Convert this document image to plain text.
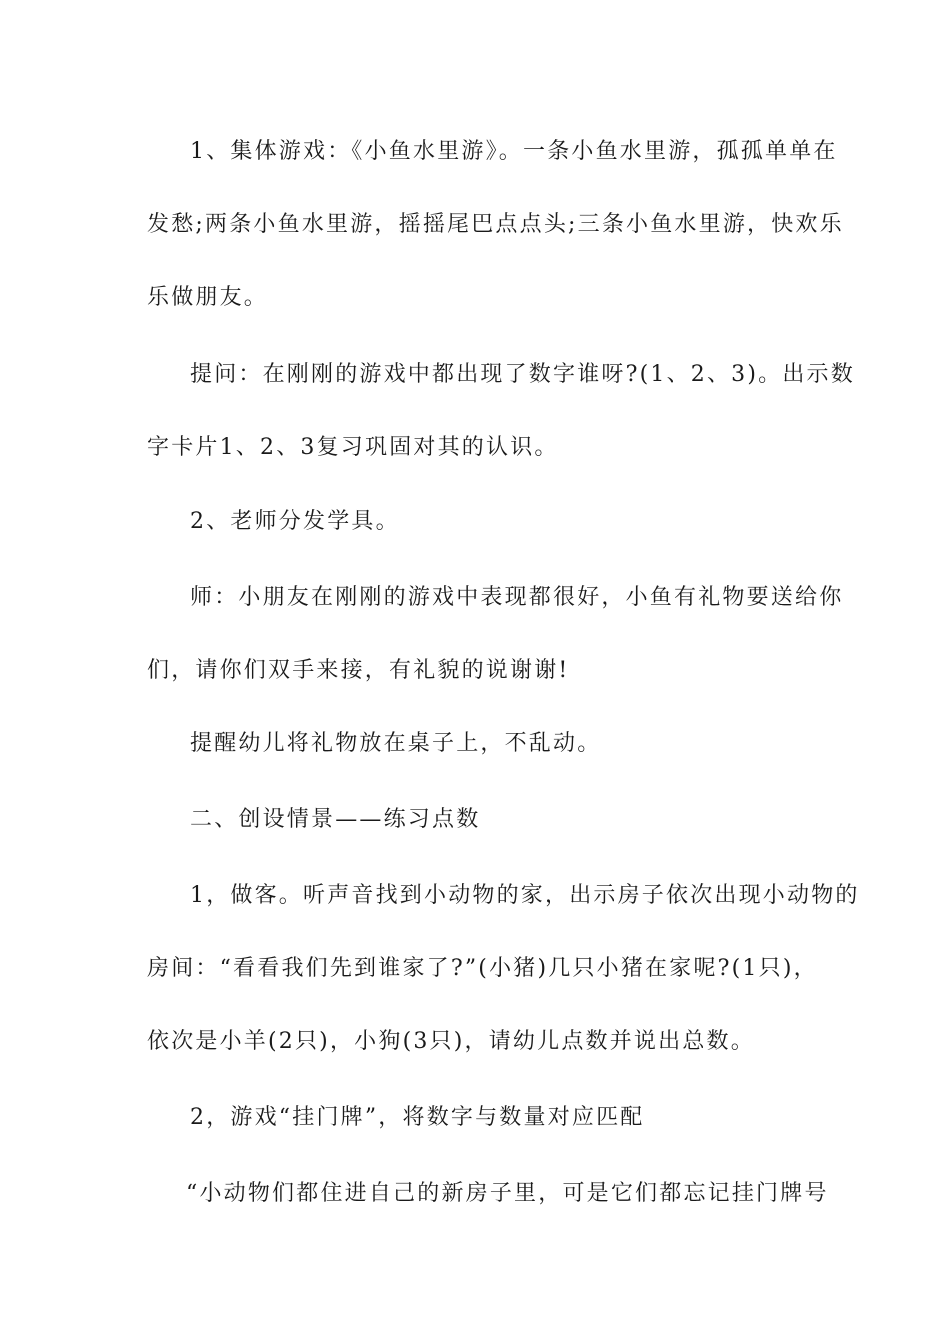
1、集体游戏：《小鱼水里游》。一条小鱼水里游，孤孤单单在
发愁;两条小鱼水里游，摇摇尾巴点点头;三条小鱼水里游，快欢乐
乐做朋友。
提问：在刚刚的游戏中都出现了数字谁呀?(1、2、3)。出示数
字卡片1、2、3复习巩固对其的认识。
2、老师分发学具。
师：小朋友在刚刚的游戏中表现都很好，小鱼有礼物要送给你
们，请你们双手来接，有礼貌的说谢谢!
提醒幼儿将礼物放在桌子上，不乱动。
二、创设情景——练习点数
1，做客。听声音找到小动物的家，出示房子依次出现小动物的
房间：“看看我们先到谁家了?”(小猪)几只小猪在家呢?(1只)，
依次是小羊(2只)，小狗(3只)，请幼儿点数并说出总数。
2，游戏“挂门牌”，将数字与数量对应匹配
“小动物们都住进自己的新房子里，可是它们都忘记挂门牌号
